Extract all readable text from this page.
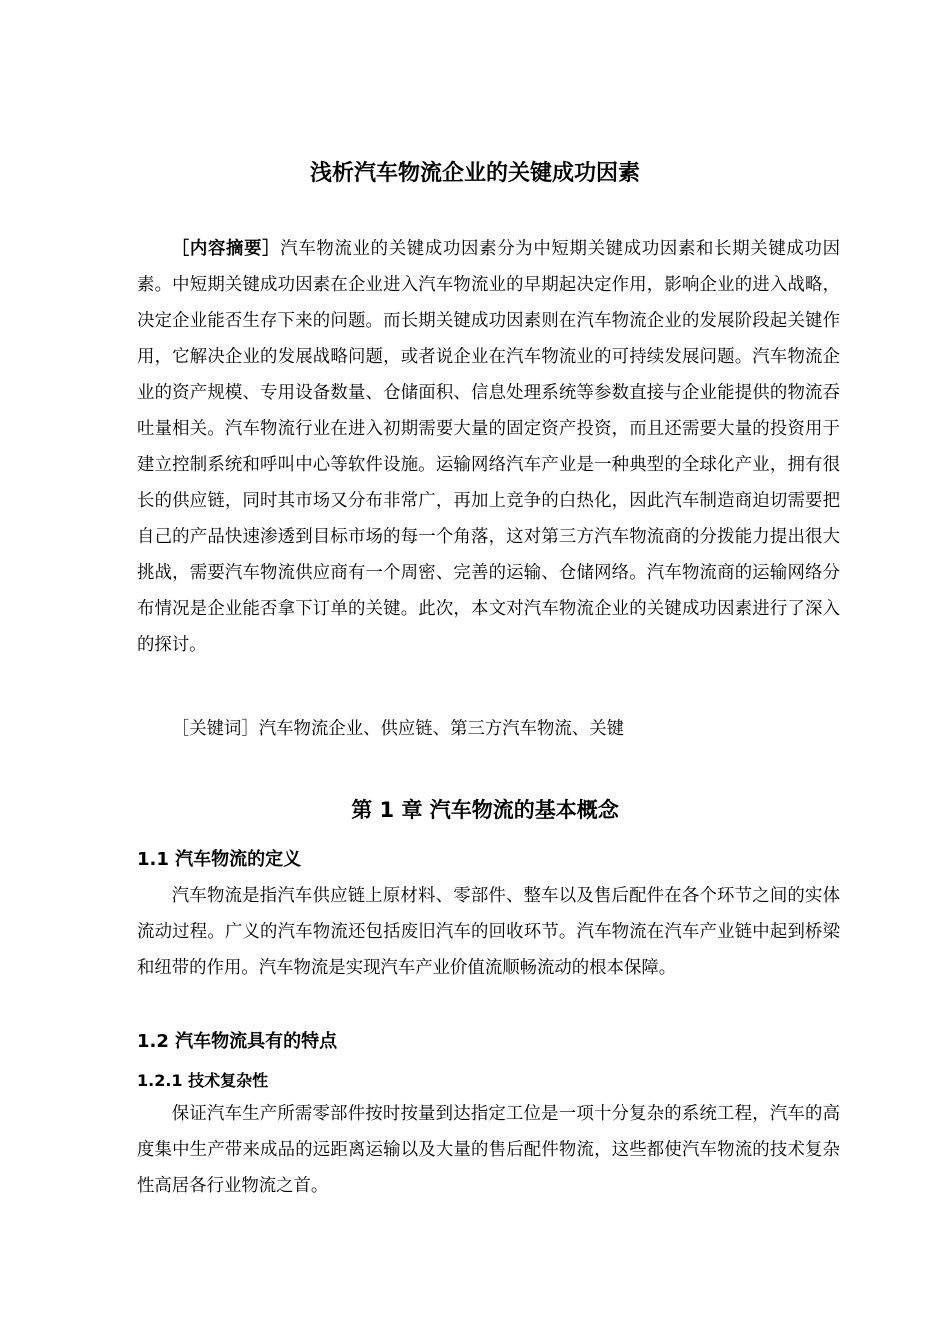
浅析汽车物流企业的关键成功因素

［内容摘要］汽车物流业的关键成功因素分为中短期关键成功因素和长期关键成功因素。中短期关键成功因素在企业进入汽车物流业的早期起决定作用，影响企业的进入战略，决定企业能否生存下来的问题。而长期关键成功因素则在汽车物流企业的发展阶段起关键作用，它解决企业的发展战略问题，或者说企业在汽车物流业的可持续发展问题。汽车物流企业的资产规模、专用设备数量、仓储面积、信息处理系统等参数直接与企业能提供的物流吞吐量相关。汽车物流行业在进入初期需要大量的固定资产投资，而且还需要大量的投资用于建立控制系统和呼叫中心等软件设施。运输网络汽车产业是一种典型的全球化产业，拥有很长的供应链，同时其市场又分布非常广，再加上竞争的白热化，因此汽车制造商迫切需要把自己的产品快速渗透到目标市场的每一个角落，这对第三方汽车物流商的分拨能力提出很大挑战，需要汽车物流供应商有一个周密、完善的运输、仓储网络。汽车物流商的运输网络分布情况是企业能否拿下订单的关键。此次，本文对汽车物流企业的关键成功因素进行了深入的探讨。

［关键词］汽车物流企业、供应链、第三方汽车物流、关键

第 1 章 汽车物流的基本概念
1.1 汽车物流的定义

汽车物流是指汽车供应链上原材料、零部件、整车以及售后配件在各个环节之间的实体流动过程。广义的汽车物流还包括废旧汽车的回收环节。汽车物流在汽车产业链中起到桥梁和纽带的作用。汽车物流是实现汽车产业价值流顺畅流动的根本保障。

1.2 汽车物流具有的特点
1.2.1 技术复杂性

保证汽车生产所需零部件按时按量到达指定工位是一项十分复杂的系统工程，汽车的高度集中生产带来成品的远距离运输以及大量的售后配件物流，这些都使汽车物流的技术复杂性高居各行业物流之首。
